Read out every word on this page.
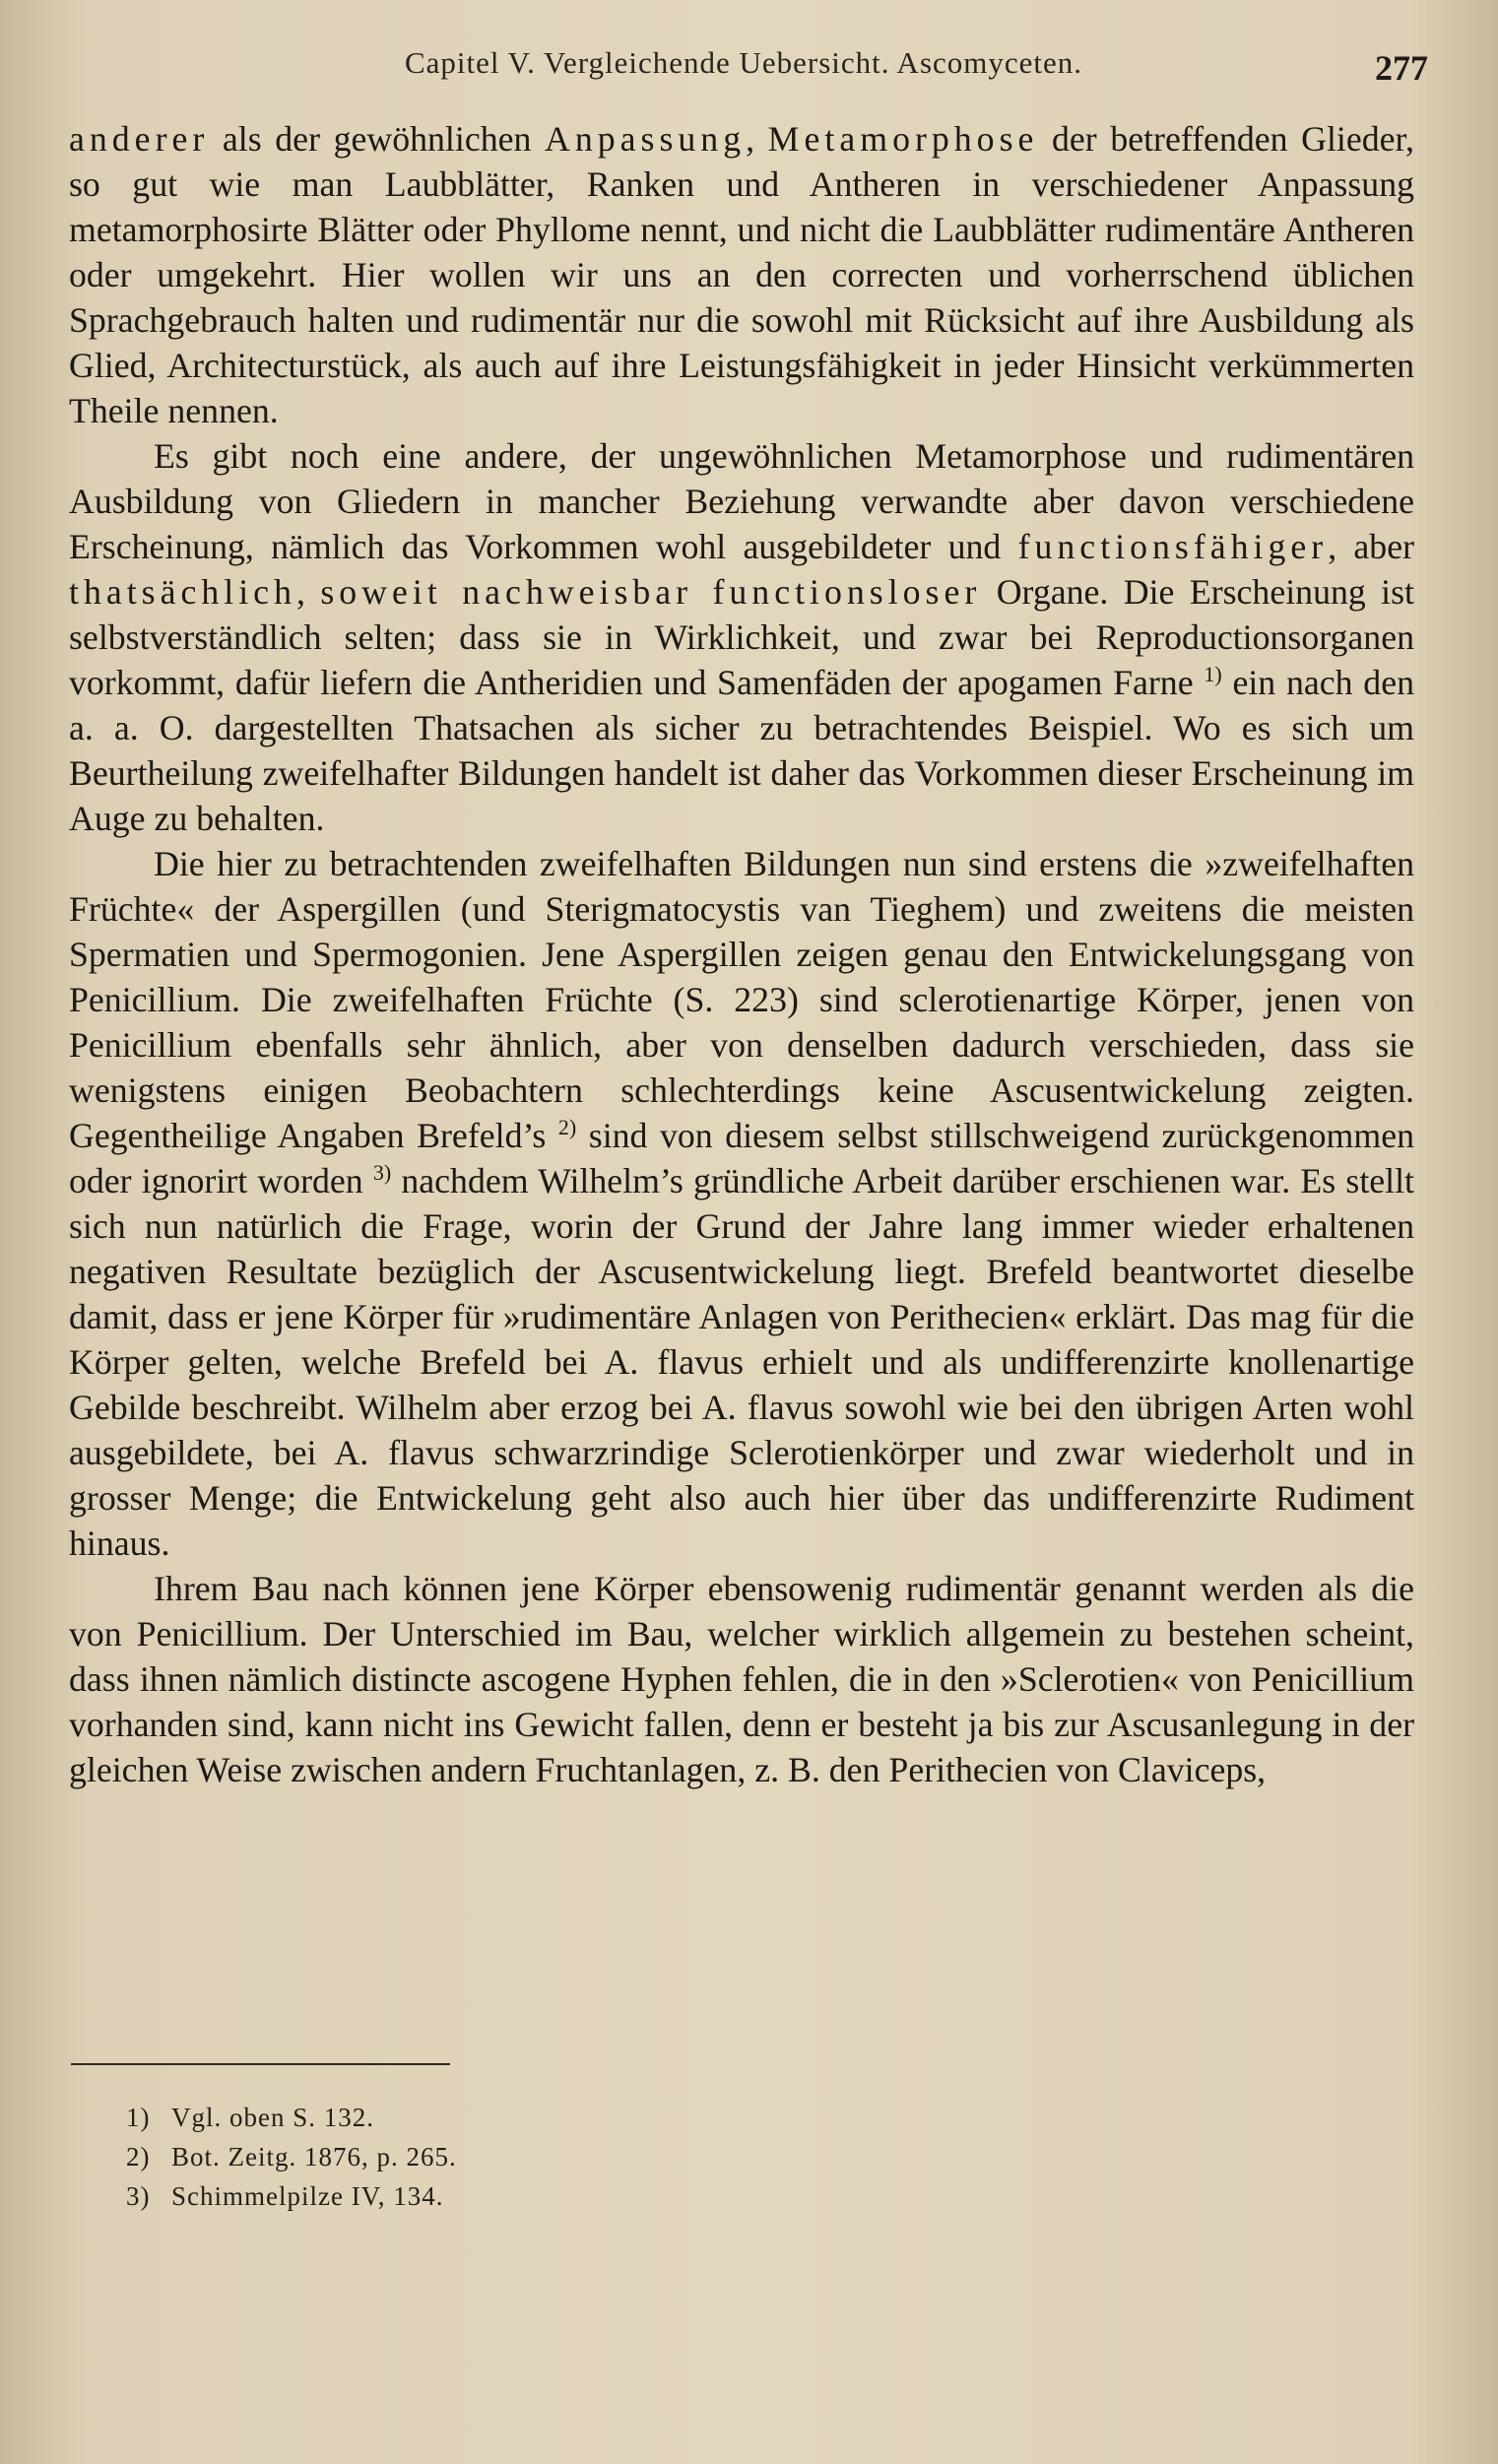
Capitel V. Vergleichende Uebersicht. Ascomyceten.	277

anderer als der gewöhnlichen Anpassung, Metamorphose der betreffenden Glieder, so gut wie man Laubblätter, Ranken und Antheren in verschiedener Anpassung metamorphosirte Blätter oder Phyllome nennt, und nicht die Laubblätter rudimentäre Antheren oder umgekehrt. Hier wollen wir uns an den correcten und vorherrschend üblichen Sprachgebrauch halten und rudimentär nur die sowohl mit Rücksicht auf ihre Ausbildung als Glied, Architecturstück, als auch auf ihre Leistungsfähigkeit in jeder Hinsicht verkümmerten Theile nennen.

Es gibt noch eine andere, der ungewöhnlichen Metamorphose und rudimentären Ausbildung von Gliedern in mancher Beziehung verwandte aber davon verschiedene Erscheinung, nämlich das Vorkommen wohl ausgebildeter und functionsfähiger, aber thatsächlich, soweit nachweisbar functionsloser Organe. Die Erscheinung ist selbstverständlich selten; dass sie in Wirklichkeit, und zwar bei Reproductionsorganen vorkommt, dafür liefern die Antheridien und Samenfäden der apogamen Farne $^{1)}$ ein nach den a. a. O. dargestellten Thatsachen als sicher zu betrachtendes Beispiel. Wo es sich um Beurtheilung zweifelhafter Bildungen handelt ist daher das Vorkommen dieser Erscheinung im Auge zu behalten.

Die hier zu betrachtenden zweifelhaften Bildungen nun sind erstens die »zweifelhaften Früchte« der Aspergillen (und Sterigmatocystis van Tieghem) und zweitens die meisten Spermatien und Spermogonien. Jene Aspergillen zeigen genau den Entwickelungsgang von Penicillium. Die zweifelhaften Früchte (S. 223) sind sclerotienartige Körper, jenen von Penicillium ebenfalls sehr ähnlich, aber von denselben dadurch verschieden, dass sie wenigstens einigen Beobachtern schlechterdings keine Ascusentwickelung zeigten. Gegentheilige Angaben Brefeld’s $^{2)}$ sind von diesem selbst stillschweigend zurückgenommen oder ignorirt worden $^{3)}$ nachdem Wilhelm’s gründliche Arbeit darüber erschienen war. Es stellt sich nun natürlich die Frage, worin der Grund der Jahre lang immer wieder erhaltenen negativen Resultate bezüglich der Ascusentwickelung liegt. Brefeld beantwortet dieselbe damit, dass er jene Körper für »rudimentäre Anlagen von Perithecien« erklärt. Das mag für die Körper gelten, welche Brefeld bei A. flavus erhielt und als undifferenzirte knollenartige Gebilde beschreibt. Wilhelm aber erzog bei A. flavus sowohl wie bei den übrigen Arten wohl ausgebildete, bei A. flavus schwarzrindige Sclerotienkörper und zwar wiederholt und in grosser Menge; die Entwickelung geht also auch hier über das undifferenzirte Rudiment hinaus.

Ihrem Bau nach können jene Körper ebensowenig rudimentär genannt werden als die von Penicillium. Der Unterschied im Bau, welcher wirklich allgemein zu bestehen scheint, dass ihnen nämlich distincte ascogene Hyphen fehlen, die in den »Sclerotien« von Penicillium vorhanden sind, kann nicht ins Gewicht fallen, denn er besteht ja bis zur Ascusanlegung in der gleichen Weise zwischen andern Fruchtanlagen, z. B. den Perithecien von Claviceps,

1) Vgl. oben S. 132.
2) Bot. Zeitg. 1876, p. 265.
3) Schimmelpilze IV, 134.
